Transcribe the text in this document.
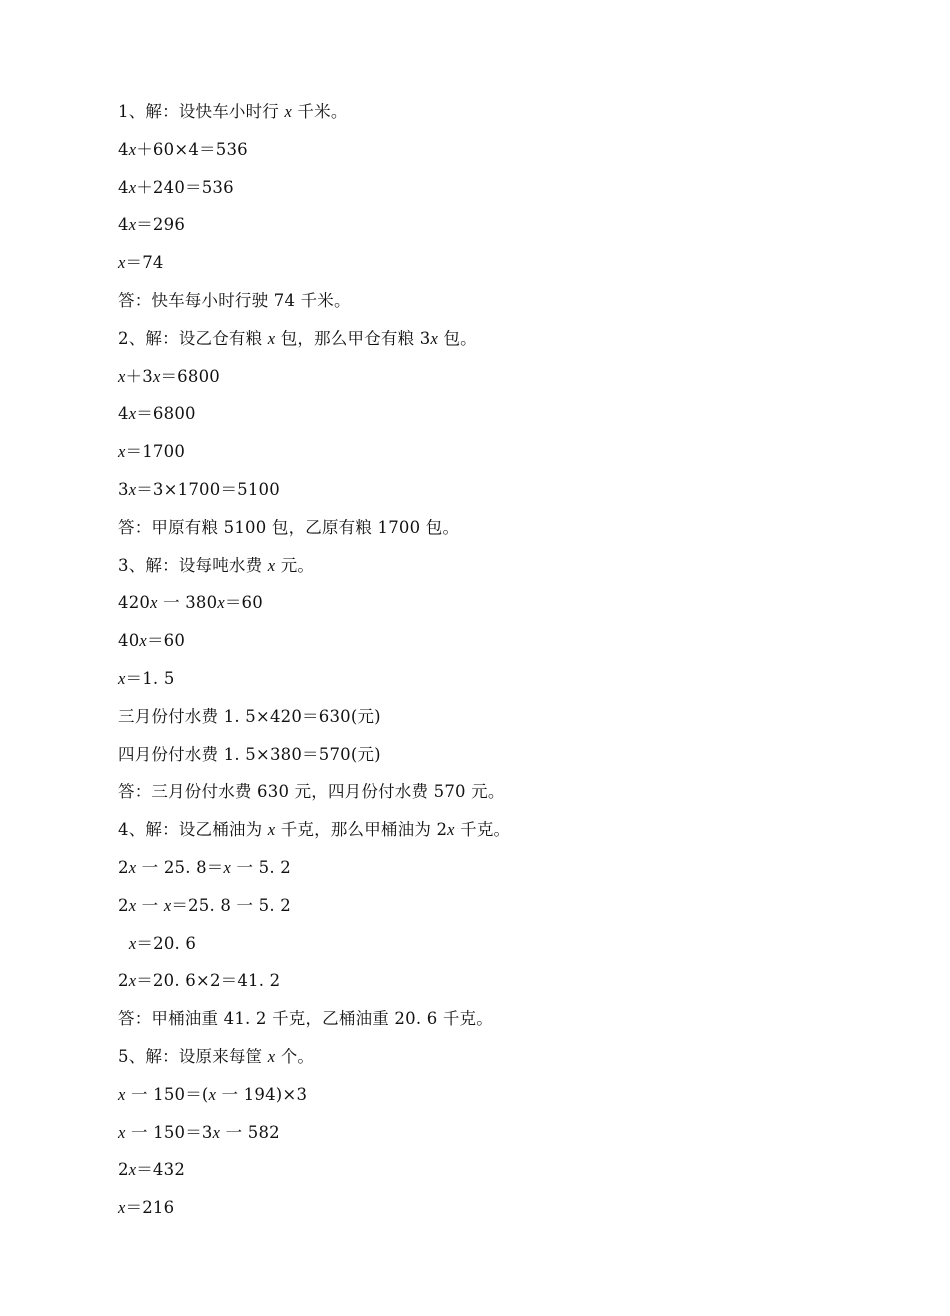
1、解：设快车小时行 x 千米。
4x＋60×4＝536
4x＋240＝536
4x＝296
x＝74
答：快车每小时行驶 74 千米。
2、解：设乙仓有粮 x 包，那么甲仓有粮 3x 包。
x＋3x＝6800
4x＝6800
x＝1700
3x＝3×1700＝5100
答：甲原有粮 5100 包，乙原有粮 1700 包。
3、解：设每吨水费 x 元。
420x 一 380x＝60
40x＝60
x＝1. 5
三月份付水费 1. 5×420＝630(元)
四月份付水费 1. 5×380＝570(元)
答：三月份付水费 630 元，四月份付水费 570 元。
4、解：设乙桶油为 x 千克，那么甲桶油为 2x 千克。
2x 一 25. 8＝x 一 5. 2
2x 一 x＝25. 8 一 5. 2
x＝20. 6
2x＝20. 6×2＝41. 2
答：甲桶油重 41. 2 千克，乙桶油重 20. 6 千克。
5、解：设原来每筐 x 个。
x 一 150＝(x 一 194)×3
x 一 150＝3x 一 582
2x＝432
x＝216
